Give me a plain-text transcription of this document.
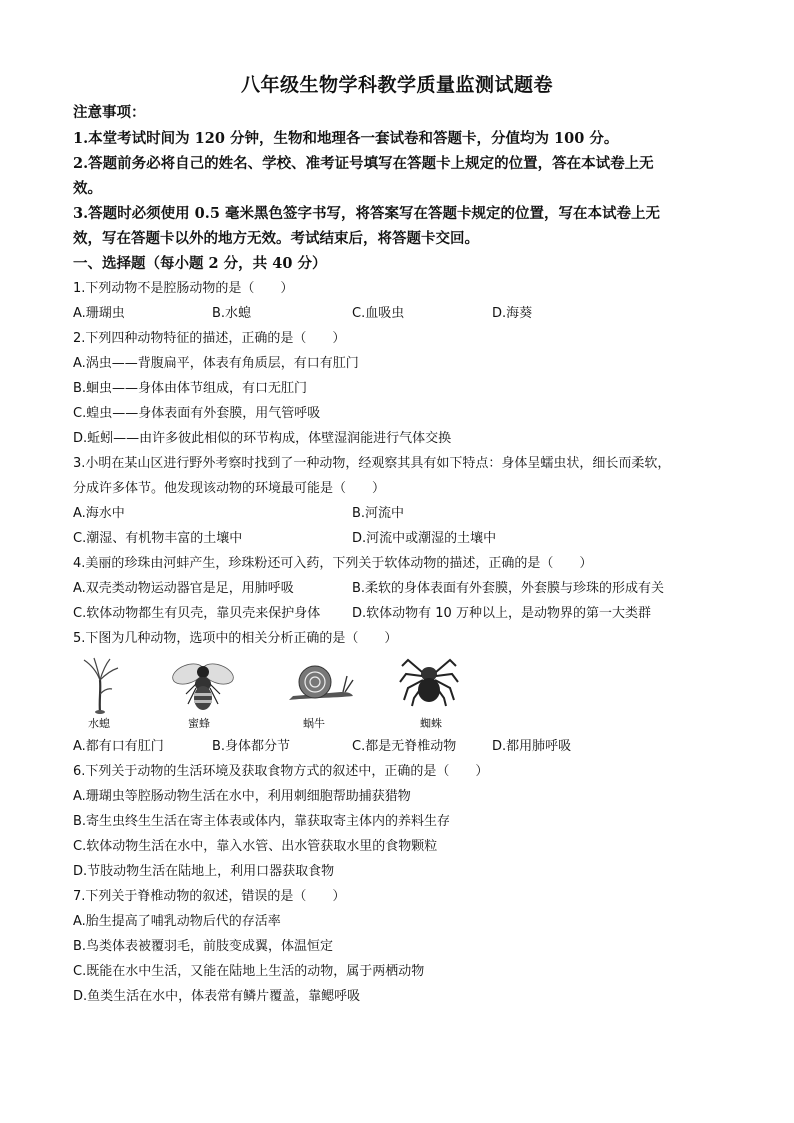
八年级生物学科教学质量监测试题卷
注意事项：
1.本堂考试时间为 120 分钟，生物和地理各一套试卷和答题卡，分值均为 100 分。
2.答题前务必将自己的姓名、学校、准考证号填写在答题卡上规定的位置，答在本试卷上无
效。
3.答题时必须使用 0.5 毫米黑色签字书写，将答案写在答题卡规定的位置，写在本试卷上无
效，写在答题卡以外的地方无效。考试结束后，将答题卡交回。
一、选择题（每小题 2 分，共 40 分）
1.下列动物不是腔肠动物的是（　　）
A.珊瑚虫	B.水螅	C.血吸虫	D.海葵
2.下列四种动物特征的描述，正确的是（　　）
A.涡虫——背腹扁平，体表有角质层，有口有肛门
B.蛔虫——身体由体节组成，有口无肛门
C.蝗虫——身体表面有外套膜，用气管呼吸
D.蚯蚓——由许多彼此相似的环节构成，体壁湿润能进行气体交换
3.小明在某山区进行野外考察时找到了一种动物，经观察其具有如下特点：身体呈蠕虫状，细长而柔软，
分成许多体节。他发现该动物的环境最可能是（　　）
A.海水中	B.河流中
C.潮湿、有机物丰富的土壤中	D.河流中或潮湿的土壤中
4.美丽的珍珠由河蚌产生，珍珠粉还可入药，下列关于软体动物的描述，正确的是（　　）
A.双壳类动物运动器官是足，用肺呼吸	B.柔软的身体表面有外套膜，外套膜与珍珠的形成有关
C.软体动物都生有贝壳，靠贝壳来保护身体 D.软体动物有 10 万种以上，是动物界的第一大类群
5.下图为几种动物，选项中的相关分析正确的是（　　）
水螅	蜜蜂	蜗牛	蜘蛛
A.都有口有肛门	B.身体都分节	C.都是无脊椎动物	D.都用肺呼吸
6.下列关于动物的生活环境及获取食物方式的叙述中，正确的是（　　）
A.珊瑚虫等腔肠动物生活在水中，利用刺细胞帮助捕获猎物
B.寄生虫终生生活在寄主体表或体内，靠获取寄主体内的养料生存
C.软体动物生活在水中，靠入水管、出水管获取水里的食物颗粒
D.节肢动物生活在陆地上，利用口器获取食物
7.下列关于脊椎动物的叙述，错误的是（　　）
A.胎生提高了哺乳动物后代的存活率
B.鸟类体表被覆羽毛，前肢变成翼，体温恒定
C.既能在水中生活，又能在陆地上生活的动物，属于两栖动物
D.鱼类生活在水中，体表常有鳞片覆盖，靠鳃呼吸
